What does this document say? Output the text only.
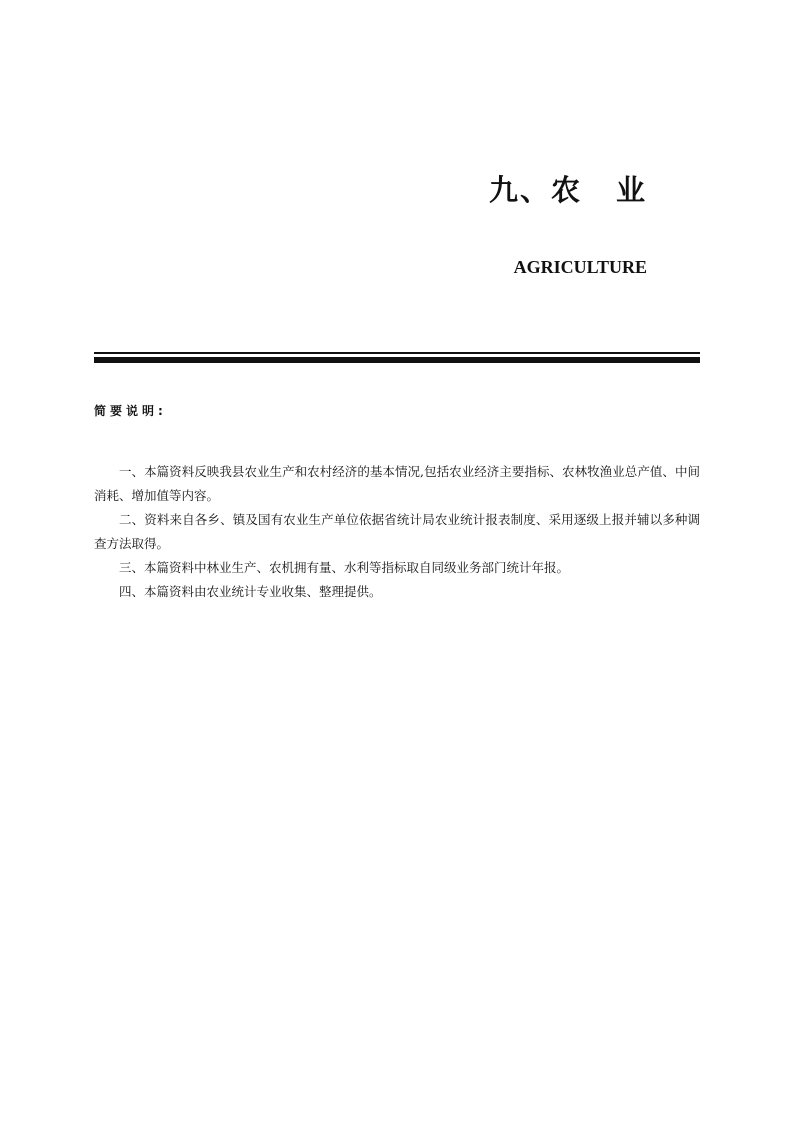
九、农 业
AGRICULTURE
简要说明:

一、本篇资料反映我县农业生产和农村经济的基本情况,包括农业经济主要指标、农林牧渔业总产值、中间消耗、增加值等内容。

二、资料来自各乡、镇及国有农业生产单位依据省统计局农业统计报表制度、采用逐级上报并辅以多种调查方法取得。

三、本篇资料中林业生产、农机拥有量、水利等指标取自同级业务部门统计年报。

四、本篇资料由农业统计专业收集、整理提供。
